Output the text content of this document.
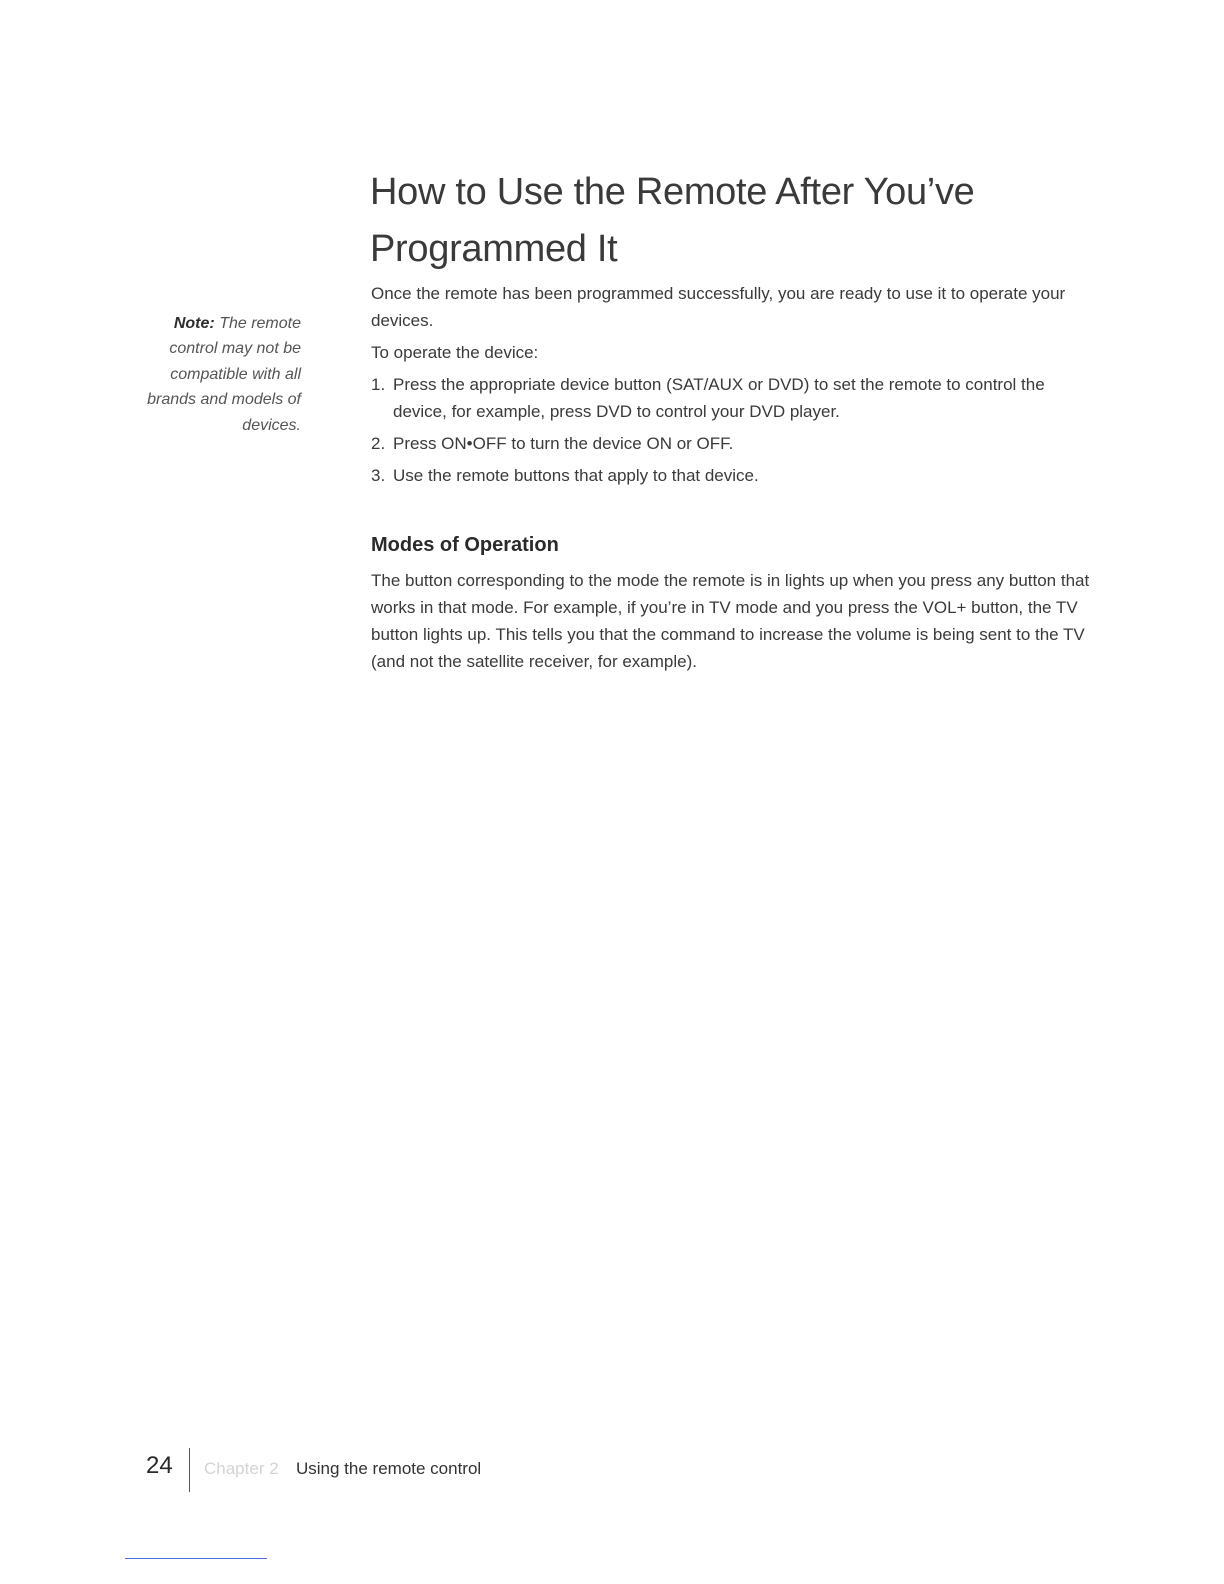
How to Use the Remote After You’ve Programmed It
Note: The remote control may not be compatible with all brands and models of devices.

Once the remote has been programmed successfully, you are ready to use it to operate your devices.

To operate the device:

1. Press the appropriate device button (SAT/AUX or DVD) to set the remote to control the device, for example, press DVD to control your DVD player.
2. Press ON•OFF to turn the device ON or OFF.
3. Use the remote buttons that apply to that device.
Modes of Operation

The button corresponding to the mode the remote is in lights up when you press any button that works in that mode. For example, if you’re in TV mode and you press the VOL+ button, the TV button lights up. This tells you that the command to increase the volume is being sent to the TV (and not the satellite receiver, for example).

24 Chapter 2 Using the remote control
